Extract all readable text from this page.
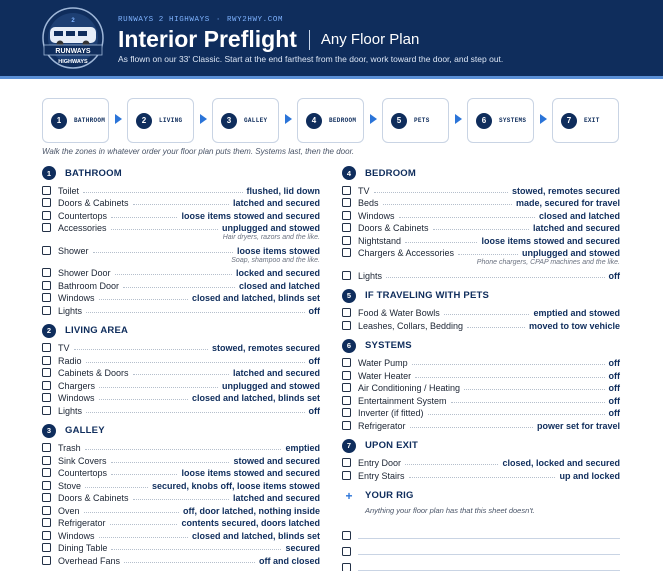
RUNWAYS
HIGHWAYS
2	RUNWAYS 2 HIGHWAYS · RWY2HWY.COM
Interior Preflight Any Floor Plan
As flown on our 33' Classic. Start at the end farthest from the door, work toward the door, and step out.
1	BATHROOM	2	LIVING	3	GALLEY	4	BEDROOM	5	PETS	6	SYSTEMS	7	EXIT
Walk the zones in whatever order your floor plan puts them. Systems last, then the door.
1	BATHROOM
Toilet	flushed, lid down
Doors & Cabinets	latched and secured
Countertops	loose items stowed and secured
Accessories	unplugged and stowed
Hair dryers, razors and the like.
Shower	loose items stowed
Soap, shampoo and the like.
Shower Door	locked and secured
Bathroom Door	closed and latched
Windows	closed and latched, blinds set
Lights	off
2	LIVING AREA
TV	stowed, remotes secured
Radio	off
Cabinets & Doors	latched and secured
Chargers	unplugged and stowed
Windows	closed and latched, blinds set
Lights	off
3	GALLEY
Trash	emptied
Sink Covers	stowed and secured
Countertops	loose items stowed and secured
Stove	secured, knobs off, loose items stowed
Doors & Cabinets	latched and secured
Oven	off, door latched, nothing inside
Refrigerator	contents secured, doors latched
Windows	closed and latched, blinds set
Dining Table	secured
Overhead Fans	off and closed
4	BEDROOM
TV	stowed, remotes secured
Beds	made, secured for travel
Windows	closed and latched
Doors & Cabinets	latched and secured
Nightstand	loose items stowed and secured
Chargers & Accessories	unplugged and stowed
Phone chargers, CPAP machines and the like.
Lights	off
5	IF TRAVELING WITH PETS
Food & Water Bowls	emptied and stowed
Leashes, Collars, Bedding	moved to tow vehicle
6	SYSTEMS
Water Pump	off
Water Heater	off
Air Conditioning / Heating	off
Entertainment System	off
Inverter (if fitted)	off
Refrigerator	power set for travel
7	UPON EXIT
Entry Door	closed, locked and secured
Entry Stairs	up and locked
+	YOUR RIG
Anything your floor plan has that this sheet doesn't.
